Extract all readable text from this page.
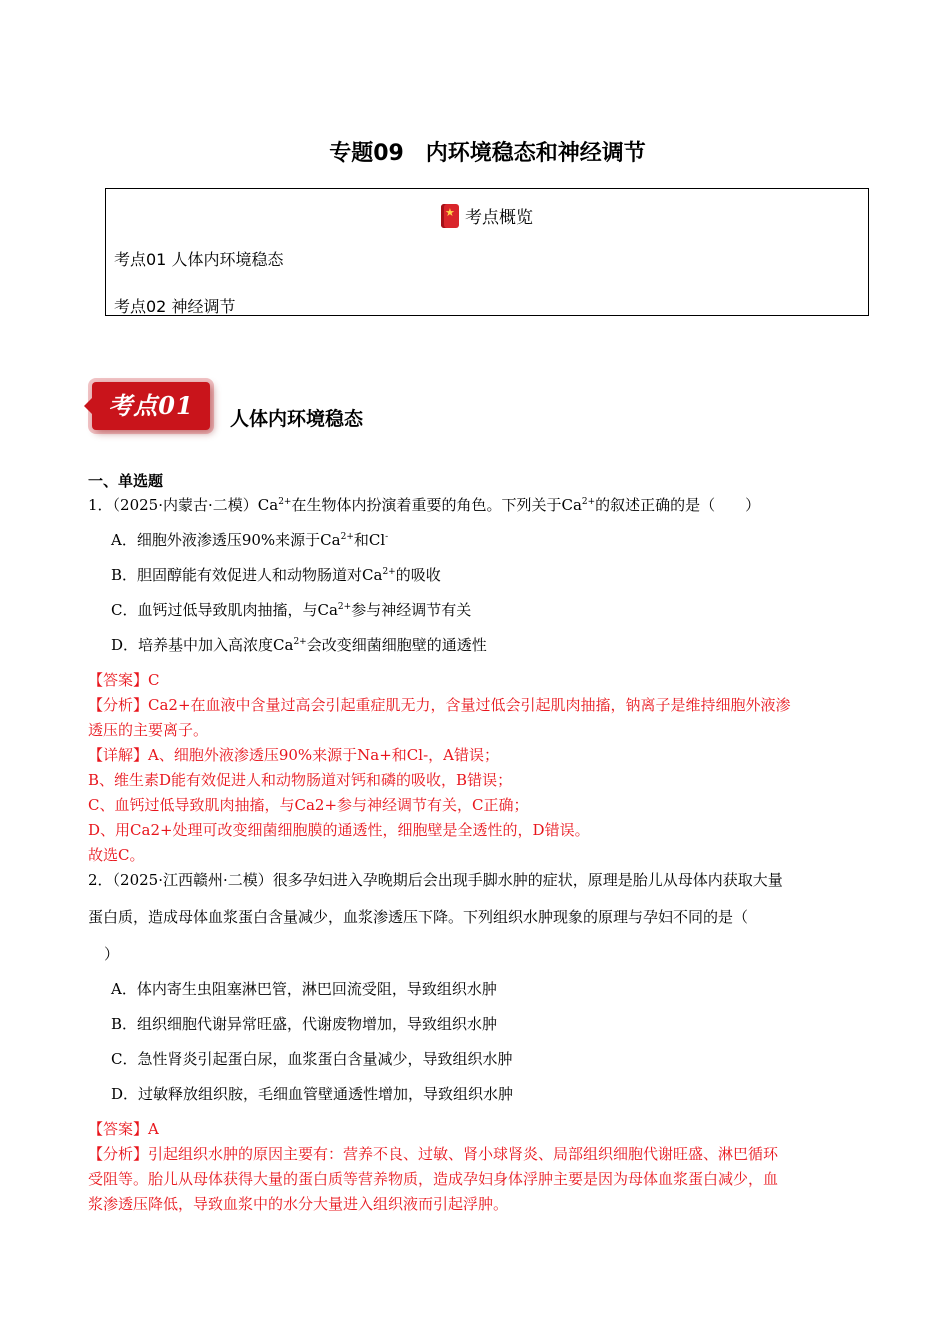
专题09　内环境稳态和神经调节
★考点概览
考点01 人体内环境稳态
考点02 神经调节
考点01	人体内环境稳态
一、单选题
1．（2025·内蒙古·二模）$Ca^{2+}$在生物体内扮演着重要的角色。下列关于$Ca^{2+}$的叙述正确的是（　　）
A．细胞外液渗透压90%来源于$Ca^{2+}$和Cl-
B．胆固醇能有效促进人和动物肠道对$Ca^{2+}$的吸收
C．血钙过低导致肌肉抽搐，与$Ca^{2+}$参与神经调节有关
D．培养基中加入高浓度$Ca^{2+}$会改变细菌细胞壁的通透性
【答案】C
【分析】Ca2+在血液中含量过高会引起重症肌无力，含量过低会引起肌肉抽搐，钠离子是维持细胞外液渗
透压的主要离子。
【详解】A、细胞外液渗透压90%来源于Na+和Cl-，A错误；
B、维生素D能有效促进人和动物肠道对钙和磷的吸收，B错误；
C、血钙过低导致肌肉抽搐，与Ca2+参与神经调节有关，C正确；
D、用Ca2+处理可改变细菌细胞膜的通透性，细胞壁是全透性的，D错误。
故选C。
2．（2025·江西赣州·二模）很多孕妇进入孕晚期后会出现手脚水肿的症状，原理是胎儿从母体内获取大量
蛋白质，造成母体血浆蛋白含量减少，血浆渗透压下降。下列组织水肿现象的原理与孕妇不同的是（
）
A．体内寄生虫阻塞淋巴管，淋巴回流受阻，导致组织水肿
B．组织细胞代谢异常旺盛，代谢废物增加，导致组织水肿
C．急性肾炎引起蛋白尿，血浆蛋白含量减少，导致组织水肿
D．过敏释放组织胺，毛细血管壁通透性增加，导致组织水肿
【答案】A
【分析】引起组织水肿的原因主要有：营养不良、过敏、肾小球肾炎、局部组织细胞代谢旺盛、淋巴循环
受阻等。胎儿从母体获得大量的蛋白质等营养物质，造成孕妇身体浮肿主要是因为母体血浆蛋白减少，血
浆渗透压降低，导致血浆中的水分大量进入组织液而引起浮肿。
